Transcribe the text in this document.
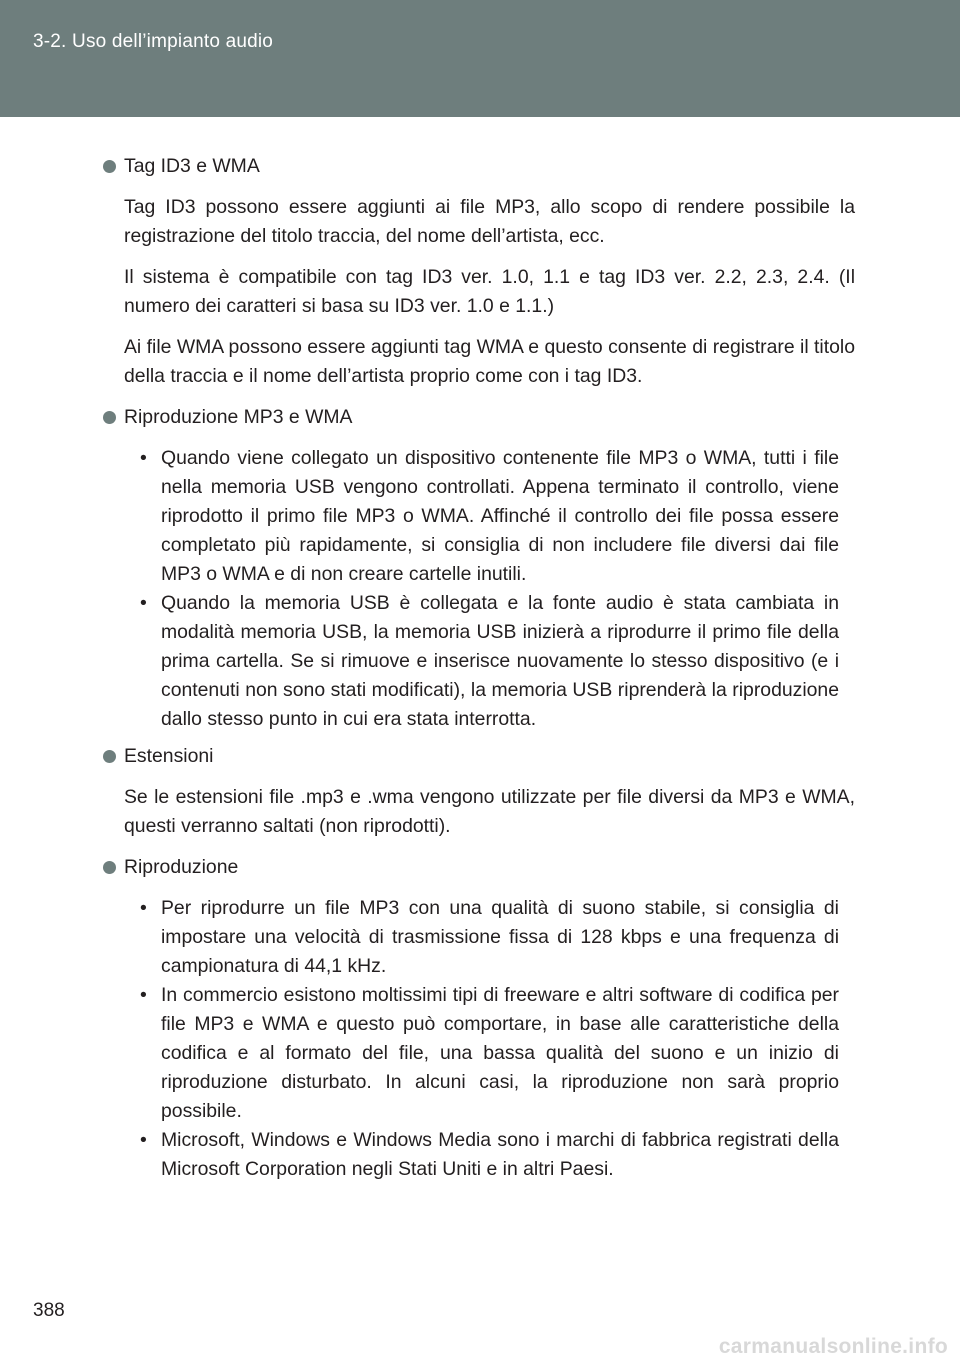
3-2. Uso dell’impianto audio
Tag ID3 e WMA

Tag ID3 possono essere aggiunti ai file MP3, allo scopo di rendere possibile la registrazione del titolo traccia, del nome dell’artista, ecc.

Il sistema è compatibile con tag ID3 ver. 1.0, 1.1 e tag ID3 ver. 2.2, 2.3, 2.4. (Il numero dei caratteri si basa su ID3 ver. 1.0 e 1.1.)

Ai file WMA possono essere aggiunti tag WMA e questo consente di registrare il titolo della traccia e il nome dell’artista proprio come con i tag ID3.

Riproduzione MP3 e WMA
• Quando viene collegato un dispositivo contenente file MP3 o WMA, tutti i file nella memoria USB vengono controllati. Appena terminato il controllo, viene riprodotto il primo file MP3 o WMA. Affinché il controllo dei file possa essere completato più rapidamente, si consiglia di non includere file diversi dai file MP3 o WMA e di non creare cartelle inutili.
• Quando la memoria USB è collegata e la fonte audio è stata cambiata in modalità memoria USB, la memoria USB inizierà a riprodurre il primo file della prima cartella. Se si rimuove e inserisce nuovamente lo stesso dispositivo (e i contenuti non sono stati modificati), la memoria USB riprenderà la riproduzione dallo stesso punto in cui era stata interrotta.
Estensioni

Se le estensioni file .mp3 e .wma vengono utilizzate per file diversi da MP3 e WMA, questi verranno saltati (non riprodotti).

Riproduzione
• Per riprodurre un file MP3 con una qualità di suono stabile, si consiglia di impostare una velocità di trasmissione fissa di 128 kbps e una frequenza di campionatura di 44,1 kHz.
• In commercio esistono moltissimi tipi di freeware e altri software di codifica per file MP3 e WMA e questo può comportare, in base alle caratteristiche della codifica e al formato del file, una bassa qualità del suono e un inizio di riproduzione disturbato. In alcuni casi, la riproduzione non sarà proprio possibile.
• Microsoft, Windows e Windows Media sono i marchi di fabbrica registrati della Microsoft Corporation negli Stati Uniti e in altri Paesi.
388
carmanualsonline.info
